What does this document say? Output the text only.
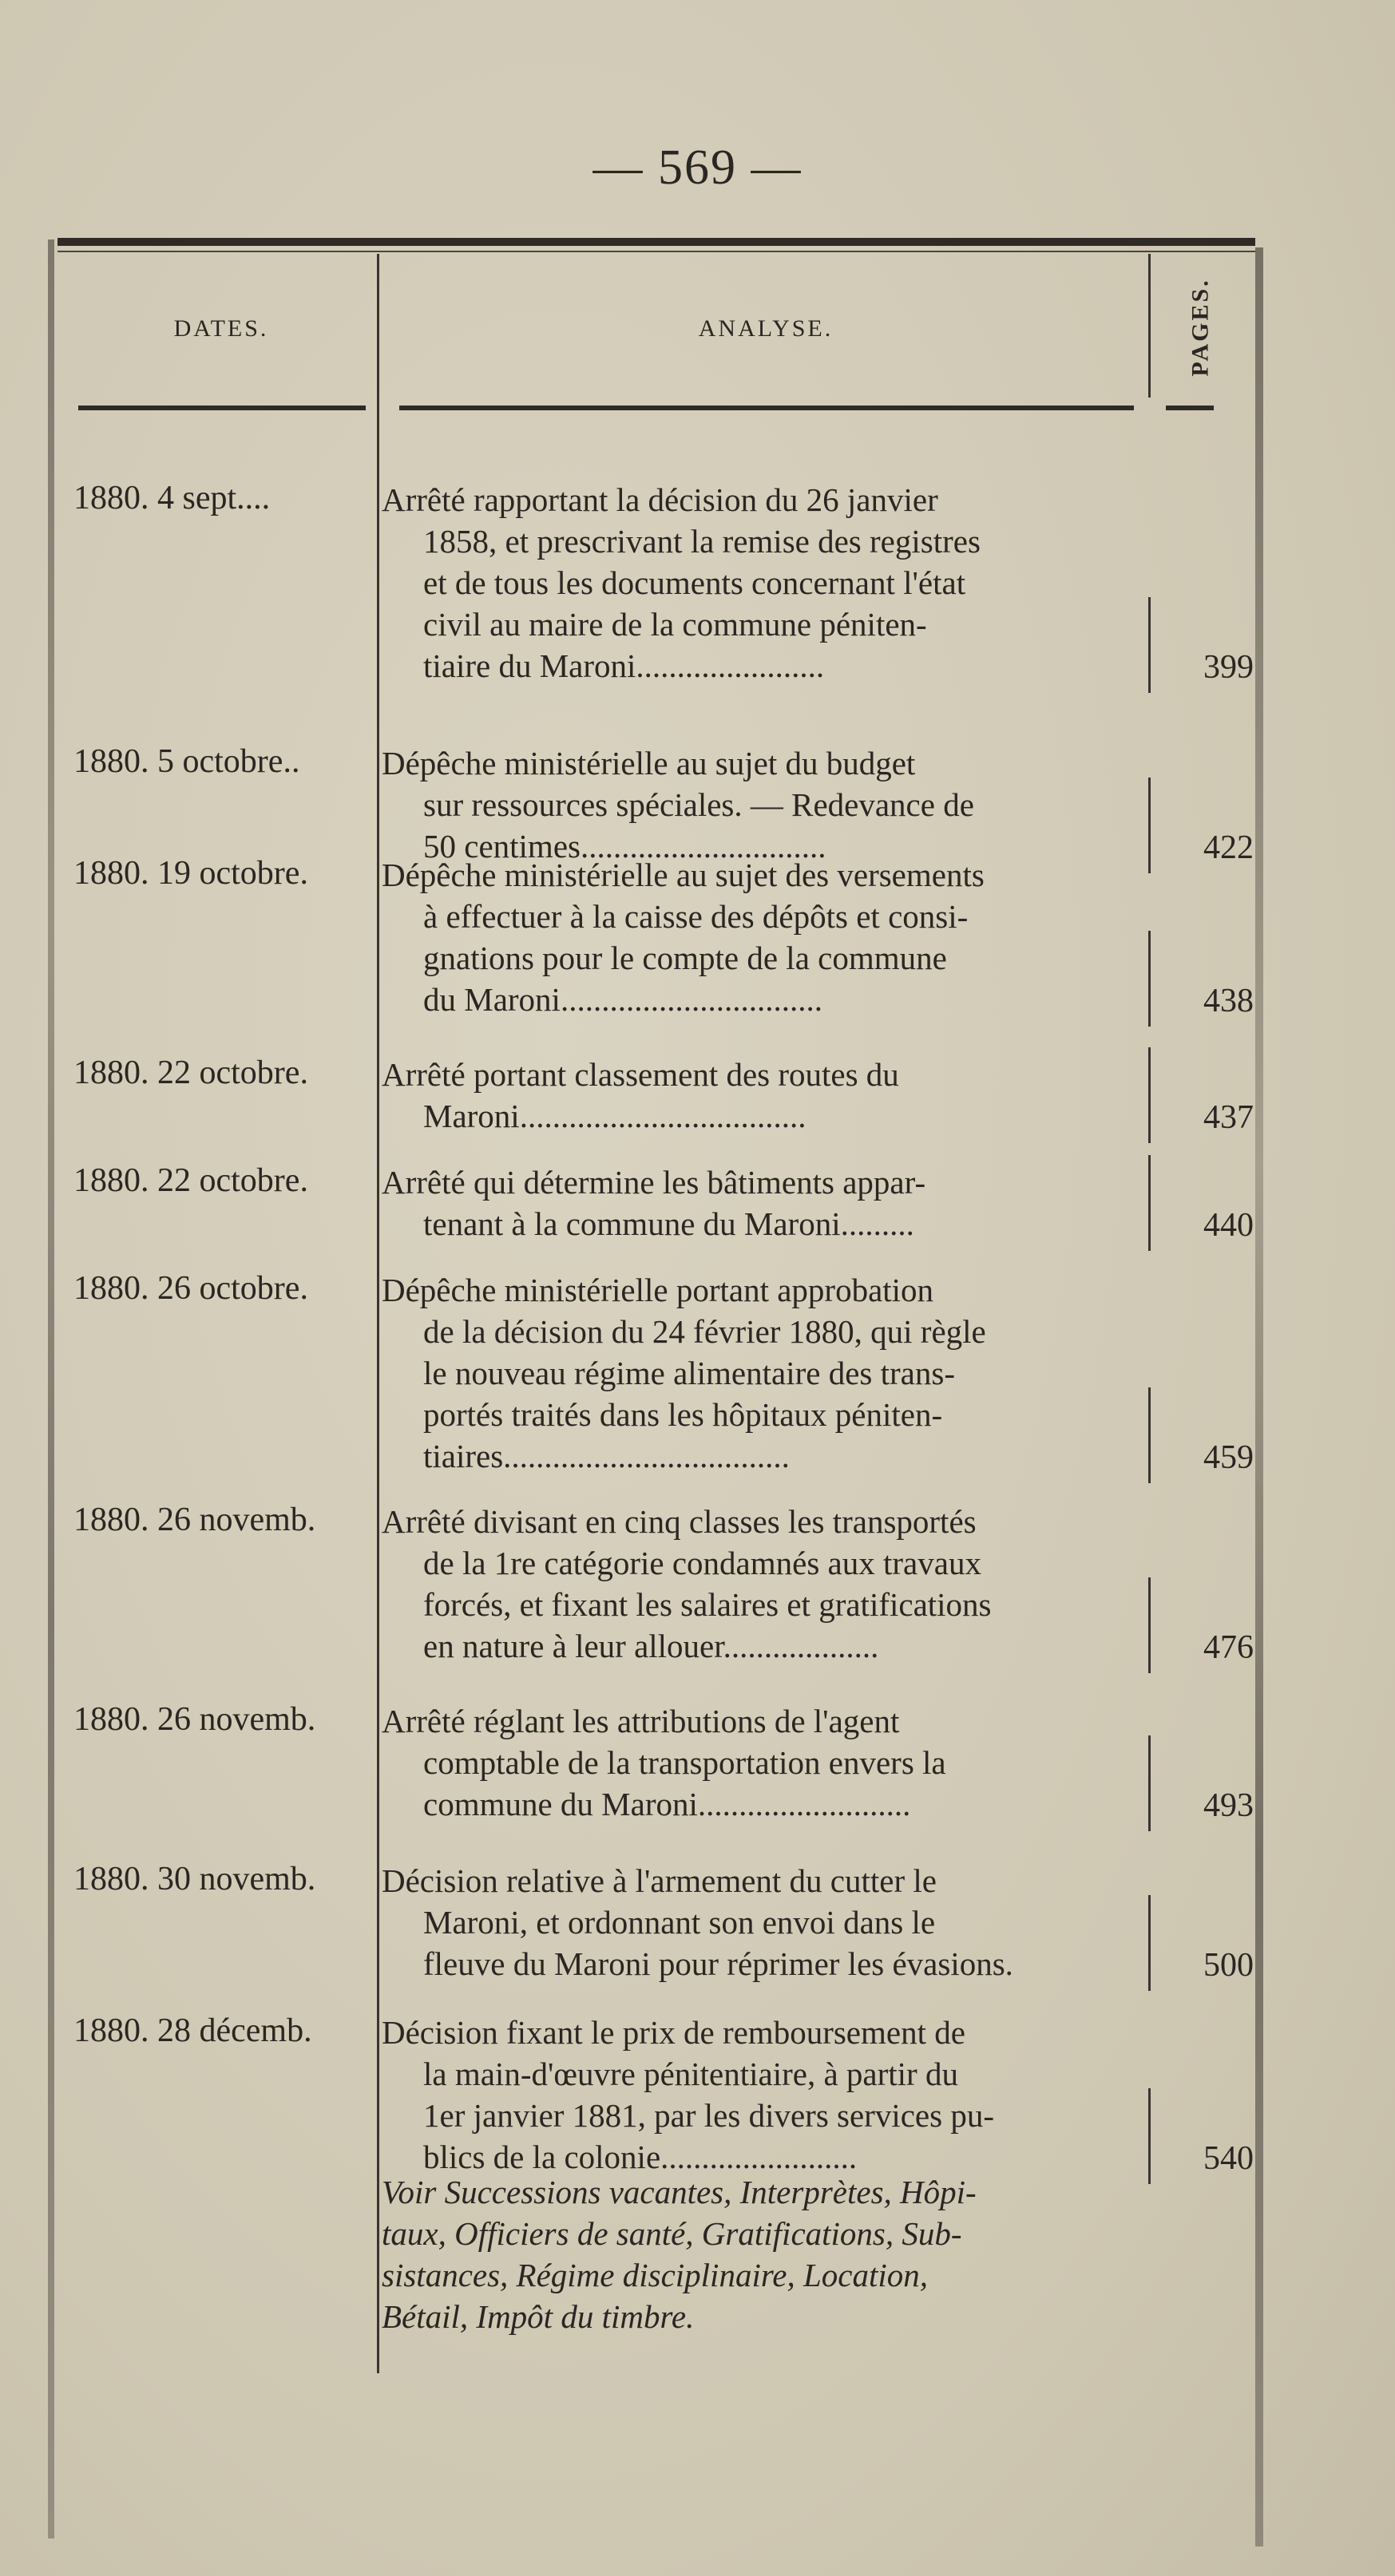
— 569 —
DATES.	ANALYSE.	PAGES.
1880. 4 sept....	Arrêté rapportant la décision du 26 janvier
1858, et prescrivant la remise des registres
et de tous les documents concernant l'état
civil au maire de la commune péniten-
tiaire du Maroni.......................	399
1880. 5 octobre..	Dépêche ministérielle au sujet du budget
sur ressources spéciales. — Redevance de
50 centimes..............................	422
1880. 19 octobre.	Dépêche ministérielle au sujet des versements
à effectuer à la caisse des dépôts et consi-
gnations pour le compte de la commune
du Maroni................................	438
1880. 22 octobre.	Arrêté portant classement des routes du
Maroni...................................	437
1880. 22 octobre.	Arrêté qui détermine les bâtiments appar-
tenant à la commune du Maroni.........	440
1880. 26 octobre.	Dépêche ministérielle portant approbation
de la décision du 24 février 1880, qui règle
le nouveau régime alimentaire des trans-
portés traités dans les hôpitaux péniten-
tiaires...................................	459
1880. 26 novemb.	Arrêté divisant en cinq classes les transportés
de la 1re catégorie condamnés aux travaux
forcés, et fixant les salaires et gratifications
en nature à leur allouer...................	476
1880. 26 novemb.	Arrêté réglant les attributions de l'agent
comptable de la transportation envers la
commune du Maroni..........................	493
1880. 30 novemb.	Décision relative à l'armement du cutter le
Maroni, et ordonnant son envoi dans le
fleuve du Maroni pour réprimer les évasions.	500
1880. 28 décemb.	Décision fixant le prix de remboursement de
la main-d'œuvre pénitentiaire, à partir du
1er janvier 1881, par les divers services pu-
blics de la colonie........................	540
Voir Successions vacantes, Interprètes, Hôpi-
taux, Officiers de santé, Gratifications, Sub-
sistances, Régime disciplinaire, Location,
Bétail, Impôt du timbre.
